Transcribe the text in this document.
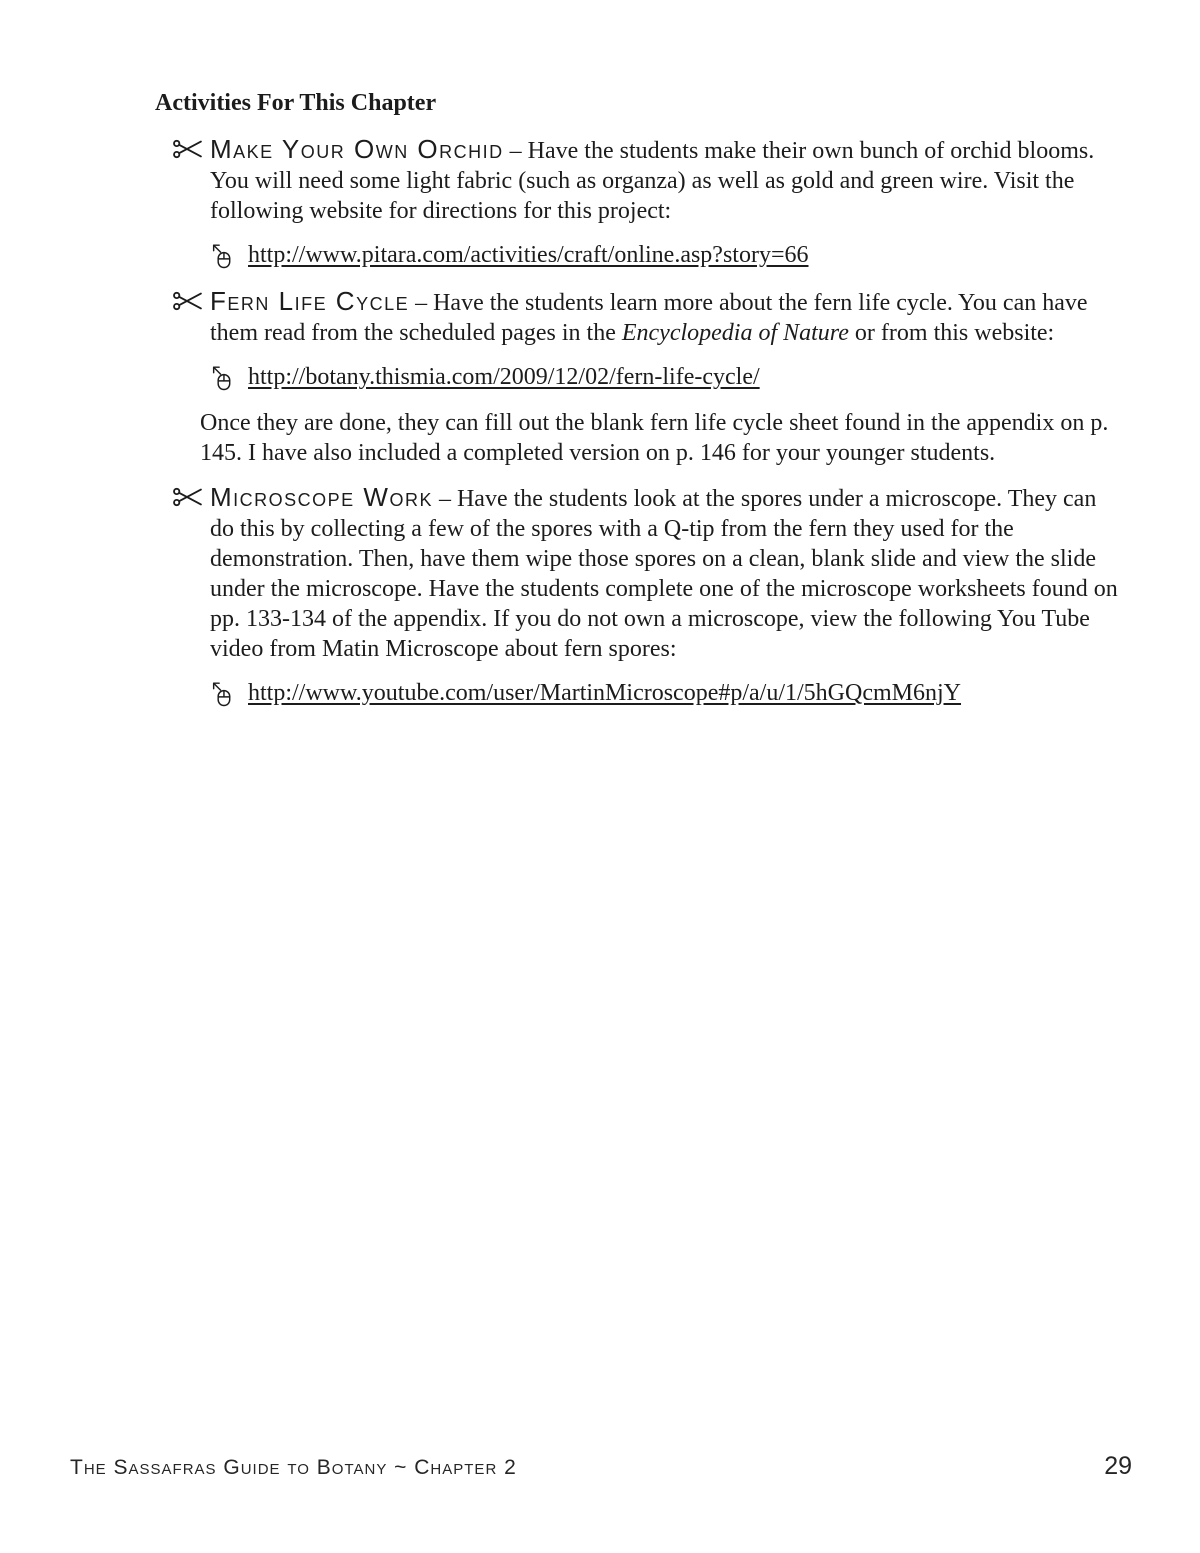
Activities For This Chapter

Make Your Own Orchid – Have the students make their own bunch of orchid blooms. You will need some light fabric (such as organza) as well as gold and green wire. Visit the following website for directions for this project:

http://www.pitara.com/activities/craft/online.asp?story=66

Fern Life Cycle – Have the students learn more about the fern life cycle. You can have them read from the scheduled pages in the Encyclopedia of Nature or from this website:

http://botany.thismia.com/2009/12/02/fern-life-cycle/

Once they are done, they can fill out the blank fern life cycle sheet found in the appendix on p. 145. I have also included a completed version on p. 146 for your younger students.

Microscope Work – Have the students look at the spores under a microscope. They can do this by collecting a few of the spores with a Q-tip from the fern they used for the demonstration. Then, have them wipe those spores on a clean, blank slide and view the slide under the microscope. Have the students complete one of the microscope worksheets found on pp. 133-134 of the appendix. If you do not own a microscope, view the following You Tube video from Matin Microscope about fern spores:

http://www.youtube.com/user/MartinMicroscope#p/a/u/1/5hGQcmM6njY
The Sassafras Guide to Botany ~ Chapter 2	29
